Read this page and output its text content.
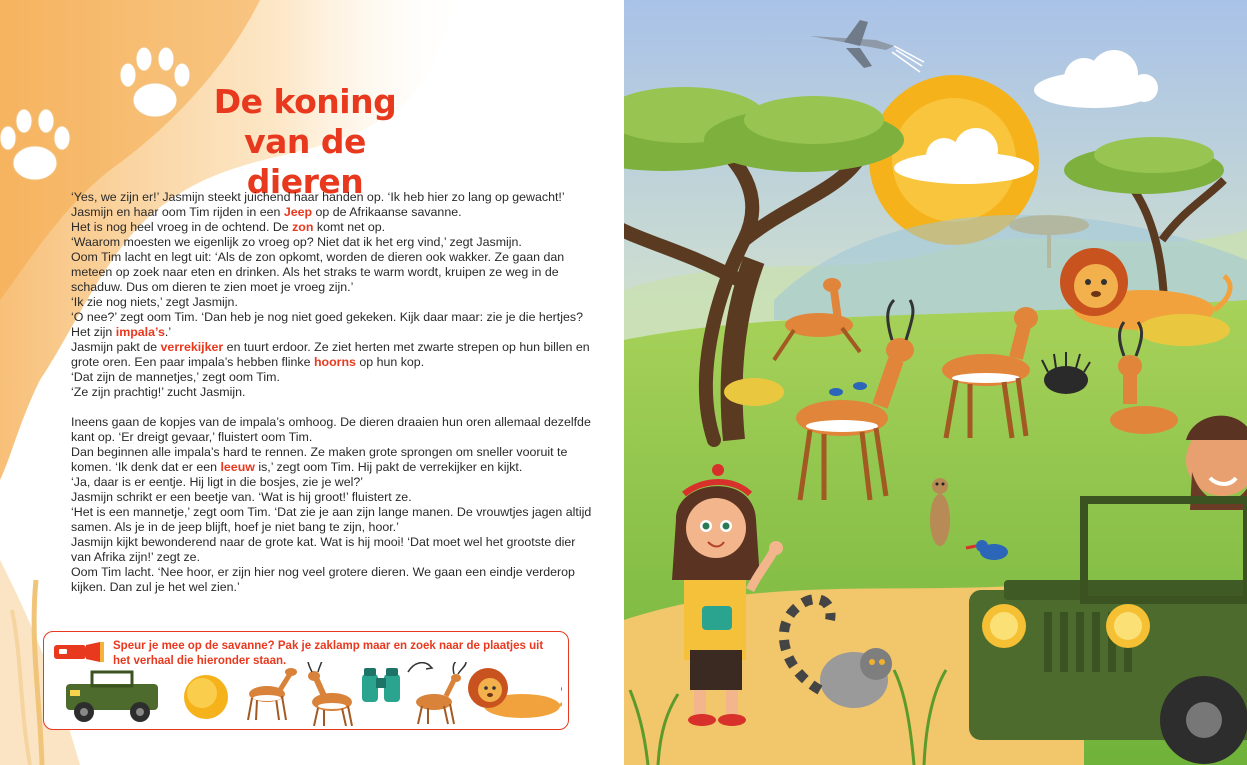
De koning
van de dieren

‘Yes, we zijn er!’ Jasmijn steekt juichend haar handen op. ‘Ik heb hier zo lang op gewacht!’

Jasmijn en haar oom Tim rijden in een Jeep op de Afrikaanse savanne.

Het is nog heel vroeg in de ochtend. De zon komt net op.

‘Waarom moesten we eigenlijk zo vroeg op? Niet dat ik het erg vind,’ zegt Jasmijn.

Oom Tim lacht en legt uit: ‘Als de zon opkomt, worden de dieren ook wakker. Ze gaan dan meteen op zoek naar eten en drinken. Als het straks te warm wordt, kruipen ze weg in de schaduw. Dus om dieren te zien moet je vroeg zijn.’

‘Ik zie nog niets,’ zegt Jasmijn.

‘O nee?’ zegt oom Tim. ‘Dan heb je nog niet goed gekeken. Kijk daar maar: zie je die hertjes? Het zijn impala’s.’

Jasmijn pakt de verrekijker en tuurt erdoor. Ze ziet herten met zwarte strepen op hun billen en grote oren. Een paar impala’s hebben flinke hoorns op hun kop.

‘Dat zijn de mannetjes,’ zegt oom Tim.

‘Ze zijn prachtig!’ zucht Jasmijn.

Ineens gaan de kopjes van de impala’s omhoog. De dieren draaien hun oren allemaal dezelfde kant op. ‘Er dreigt gevaar,’ fluistert oom Tim.

Dan beginnen alle impala’s hard te rennen. Ze maken grote sprongen om sneller vooruit te komen. ‘Ik denk dat er een leeuw is,’ zegt oom Tim. Hij pakt de verrekijker en kijkt.

‘Ja, daar is er eentje. Hij ligt in die bosjes, zie je wel?’

Jasmijn schrikt er een beetje van. ‘Wat is hij groot!’ fluistert ze.

‘Het is een mannetje,’ zegt oom Tim. ‘Dat zie je aan zijn lange manen. De vrouwtjes jagen altijd samen. Als je in de jeep blijft, hoef je niet bang te zijn, hoor.’

Jasmijn kijkt bewonderend naar de grote kat. Wat is hij mooi! ‘Dat moet wel het grootste dier van Afrika zijn!’ zegt ze.

Oom Tim lacht. ‘Nee hoor, er zijn hier nog veel grotere dieren. We gaan een eindje verderop kijken. Dan zul je het wel zien.’

Speur je mee op de savanne? Pak je zaklamp maar en zoek naar de plaatjes uit het verhaal die hieronder staan.
